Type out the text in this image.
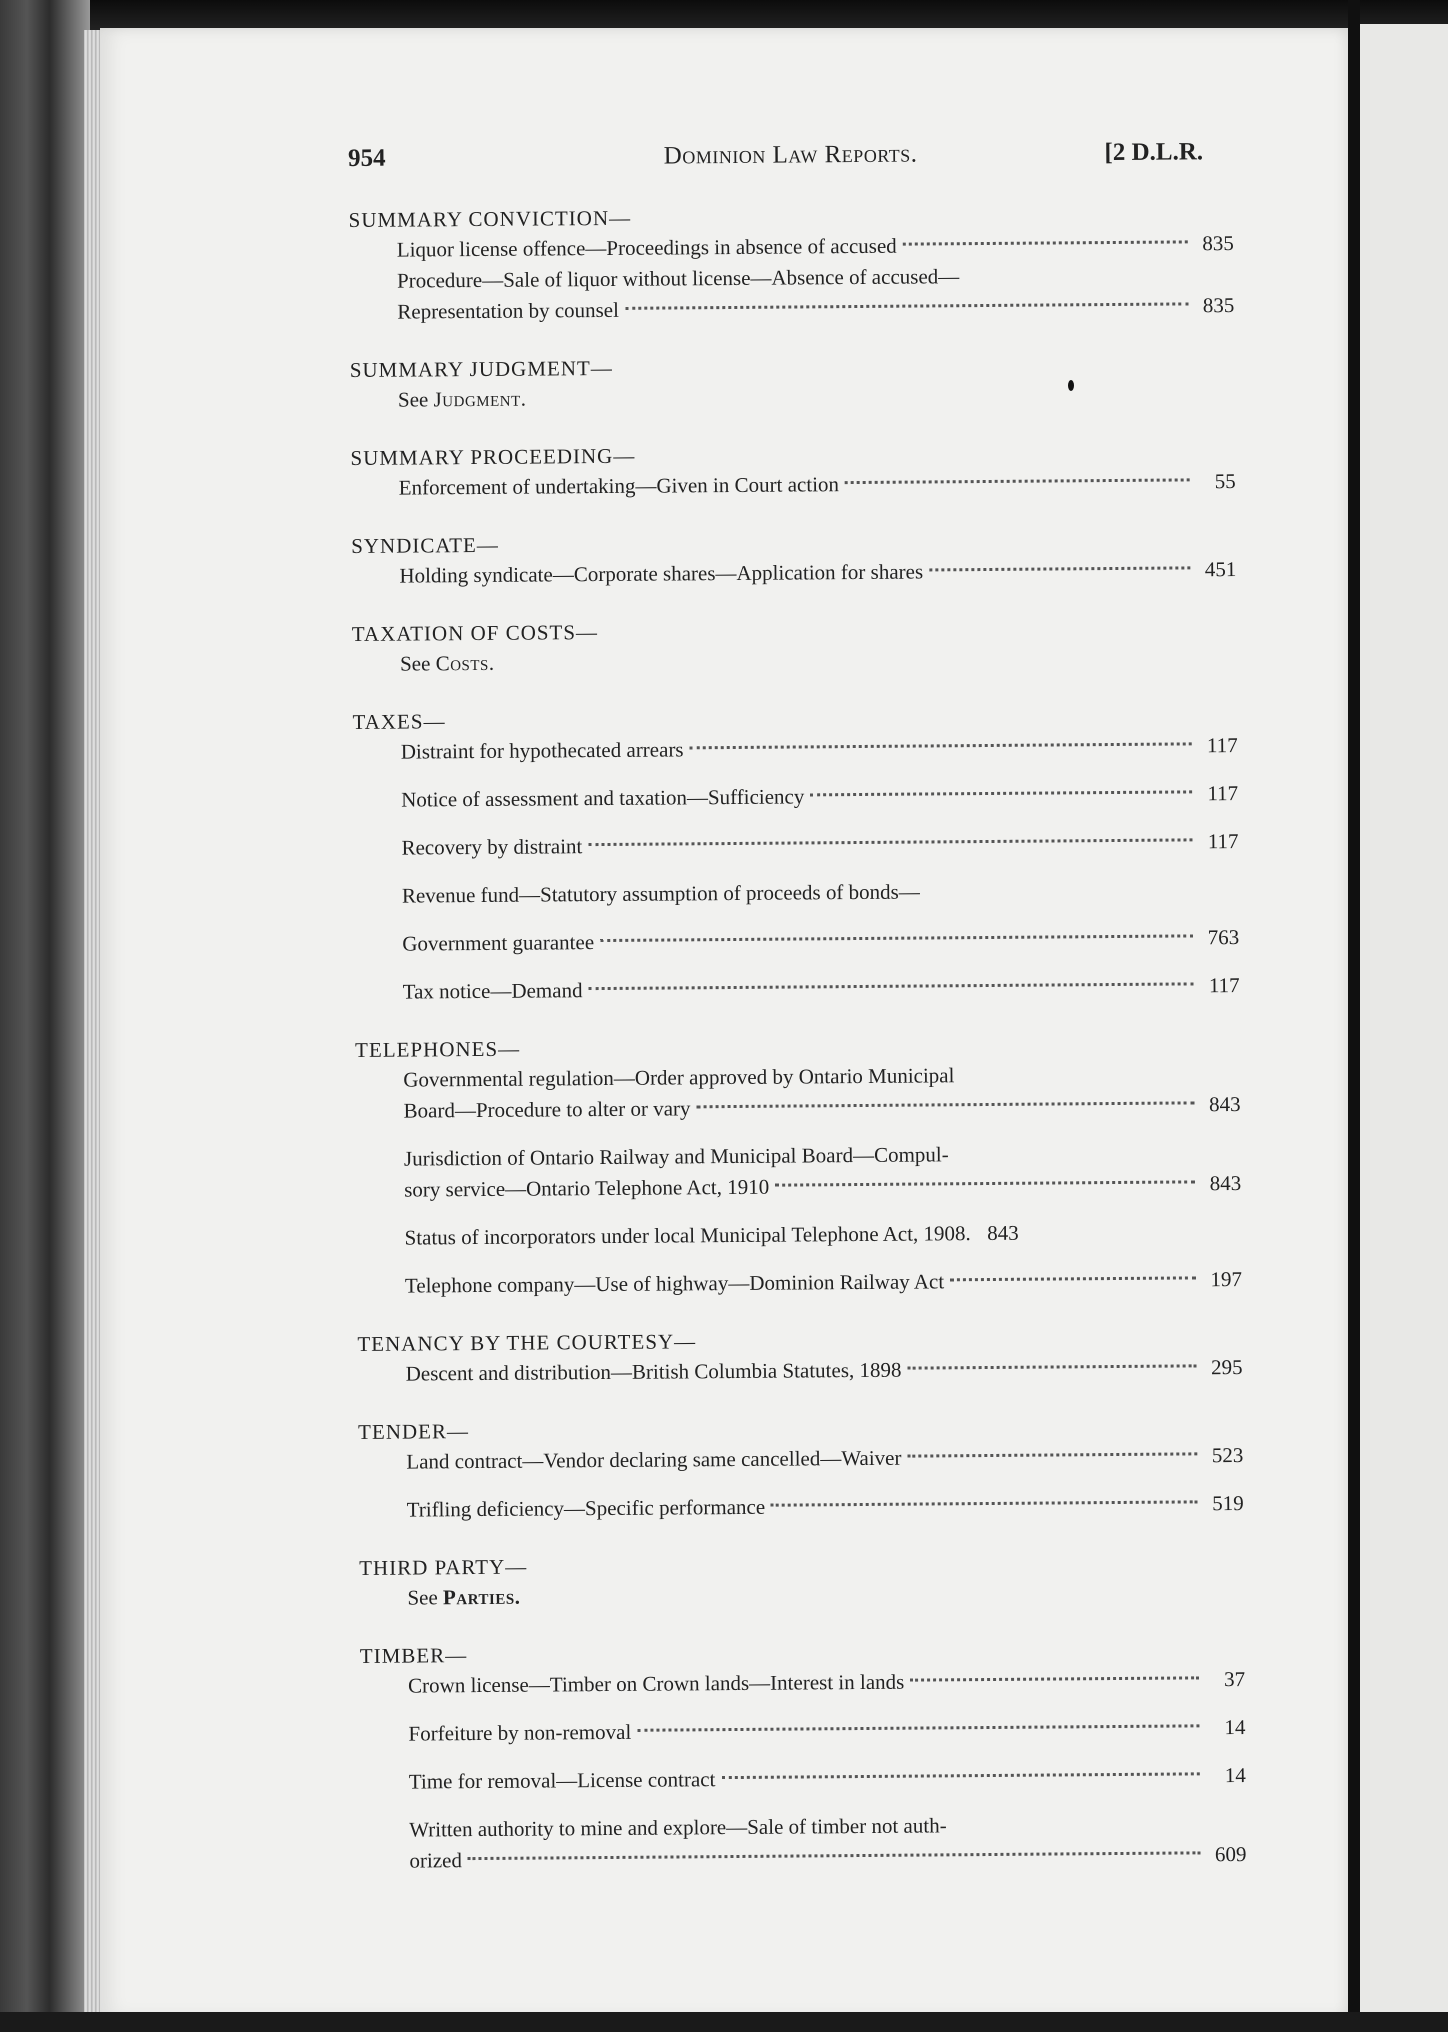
954	Dominion Law Reports.	[2 D.L.R.
SUMMARY CONVICTION—
Liquor license offence—Proceedings in absence of accused	835
Procedure—Sale of liquor without license—Absence of accused—
Representation by counsel	835
SUMMARY JUDGMENT—
See Judgment.
SUMMARY PROCEEDING—
Enforcement of undertaking—Given in Court action	55
SYNDICATE—
Holding syndicate—Corporate shares—Application for shares	451
TAXATION OF COSTS—
See Costs.
TAXES—
Distraint for hypothecated arrears	117
Notice of assessment and taxation—Sufficiency	117
Recovery by distraint	117
Revenue fund—Statutory assumption of proceeds of bonds—
Government guarantee	763
Tax notice—Demand	117
TELEPHONES—
Governmental regulation—Order approved by Ontario Municipal
Board—Procedure to alter or vary	843
Jurisdiction of Ontario Railway and Municipal Board—Compul-
sory service—Ontario Telephone Act, 1910	843
Status of incorporators under local Municipal Telephone Act, 1908. 843
Telephone company—Use of highway—Dominion Railway Act	197
TENANCY BY THE COURTESY—
Descent and distribution—British Columbia Statutes, 1898	295
TENDER—
Land contract—Vendor declaring same cancelled—Waiver	523
Trifling deficiency—Specific performance	519
THIRD PARTY—
See Parties.
TIMBER—
Crown license—Timber on Crown lands—Interest in lands	37
Forfeiture by non-removal	14
Time for removal—License contract	14
Written authority to mine and explore—Sale of timber not auth-
orized	609
